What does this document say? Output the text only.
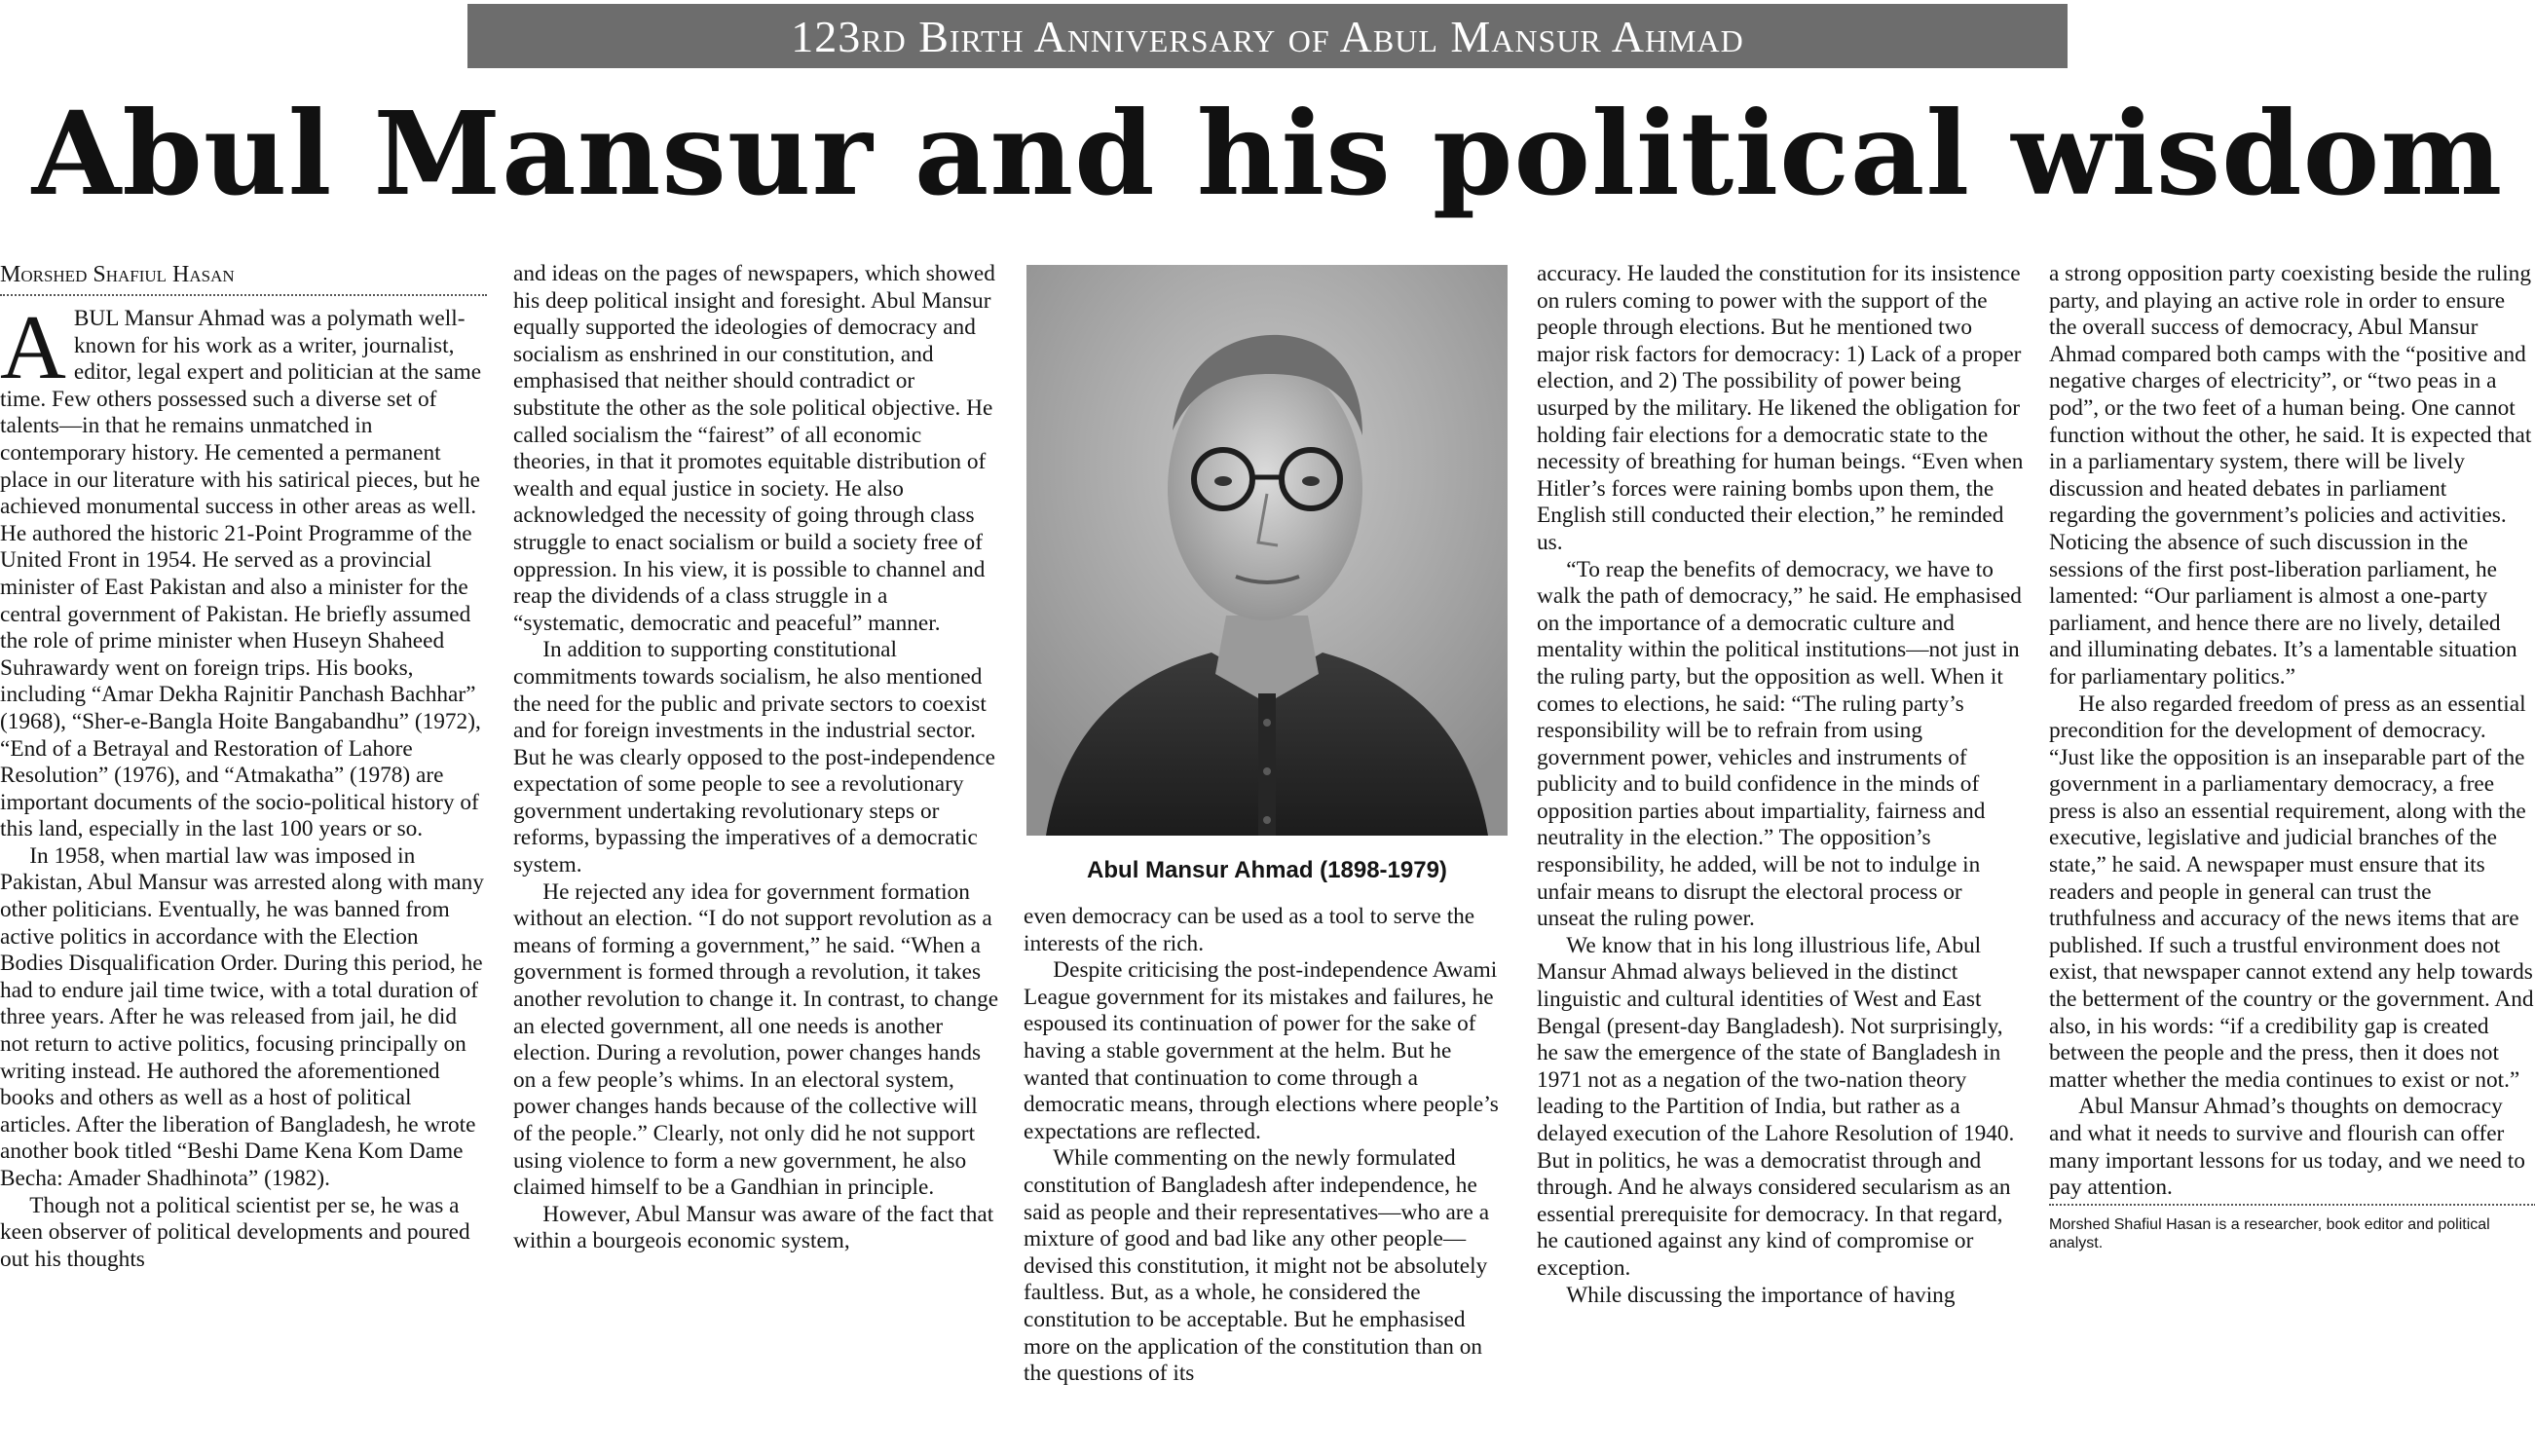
123rd Birth Anniversary of Abul Mansur Ahmad
Abul Mansur and his political wisdom
Morshed Shafiul Hasan

ABUL Mansur Ahmad was a polymath well-known for his work as a writer, journalist, editor, legal expert and politician at the same time. Few others possessed such a diverse set of talents—in that he remains unmatched in contemporary history. He cemented a permanent place in our literature with his satirical pieces, but he achieved monumental success in other areas as well. He authored the historic 21-Point Programme of the United Front in 1954. He served as a provincial minister of East Pakistan and also a minister for the central government of Pakistan. He briefly assumed the role of prime minister when Huseyn Shaheed Suhrawardy went on foreign trips. His books, including “Amar Dekha Rajnitir Panchash Bachhar” (1968), “Sher-e-Bangla Hoite Bangabandhu” (1972), “End of a Betrayal and Restoration of Lahore Resolution” (1976), and “Atmakatha” (1978) are important documents of the socio-political history of this land, especially in the last 100 years or so.

In 1958, when martial law was imposed in Pakistan, Abul Mansur was arrested along with many other politicians. Eventually, he was banned from active politics in accordance with the Election Bodies Disqualification Order. During this period, he had to endure jail time twice, with a total duration of three years. After he was released from jail, he did not return to active politics, focusing principally on writing instead. He authored the aforementioned books and others as well as a host of political articles. After the liberation of Bangladesh, he wrote another book titled “Beshi Dame Kena Kom Dame Becha: Amader Shadhinota” (1982).

Though not a political scientist per se, he was a keen observer of political developments and poured out his thoughts

and ideas on the pages of newspapers, which showed his deep political insight and foresight. Abul Mansur equally supported the ideologies of democracy and socialism as enshrined in our constitution, and emphasised that neither should contradict or substitute the other as the sole political objective. He called socialism the “fairest” of all economic theories, in that it promotes equitable distribution of wealth and equal justice in society. He also acknowledged the necessity of going through class struggle to enact socialism or build a society free of oppression. In his view, it is possible to channel and reap the dividends of a class struggle in a “systematic, democratic and peaceful” manner.

In addition to supporting constitutional commitments towards socialism, he also mentioned the need for the public and private sectors to coexist and for foreign investments in the industrial sector.

But he was clearly opposed to the post-independence expectation of some people to see a revolutionary government undertaking revolutionary steps or reforms, bypassing the imperatives of a democratic system.

He rejected any idea for government formation without an election. “I do not support revolution as a means of forming a government,” he said. “When a government is formed through a revolution, it takes another revolution to change it. In contrast, to change an elected government, all one needs is another election. During a revolution, power changes hands on a few people’s whims. In an electoral system, power changes hands because of the collective will of the people.” Clearly, not only did he not support using violence to form a new government, he also claimed himself to be a Gandhian in principle.

However, Abul Mansur was aware of the fact that within a bourgeois economic system,

Abul Mansur Ahmad (1898-1979)

even democracy can be used as a tool to serve the interests of the rich.

Despite criticising the post-independence Awami League government for its mistakes and failures, he espoused its continuation of power for the sake of having a stable government at the helm. But he wanted that continuation to come through a democratic means, through elections where people’s expectations are reflected.

While commenting on the newly formulated constitution of Bangladesh after independence, he said as people and their representatives—who are a mixture of good and bad like any other people—devised this constitution, it might not be absolutely faultless. But, as a whole, he considered the constitution to be acceptable. But he emphasised more on the application of the constitution than on the questions of its

accuracy. He lauded the constitution for its insistence on rulers coming to power with the support of the people through elections. But he mentioned two major risk factors for democracy: 1) Lack of a proper election, and 2) The possibility of power being usurped by the military. He likened the obligation for holding fair elections for a democratic state to the necessity of breathing for human beings. “Even when Hitler’s forces were raining bombs upon them, the English still conducted their election,” he reminded us.

“To reap the benefits of democracy, we have to walk the path of democracy,” he said. He emphasised on the importance of a democratic culture and mentality within the political institutions—not just in the ruling party, but the opposition as well. When it comes to elections, he said: “The ruling party’s responsibility will be to refrain from using government power, vehicles and instruments of publicity and to build confidence in the minds of opposition parties about impartiality, fairness and neutrality in the election.” The opposition’s responsibility, he added, will be not to indulge in unfair means to disrupt the electoral process or unseat the ruling power.

We know that in his long illustrious life, Abul Mansur Ahmad always believed in the distinct linguistic and cultural identities of West and East Bengal (present-day Bangladesh). Not surprisingly, he saw the emergence of the state of Bangladesh in 1971 not as a negation of the two-nation theory leading to the Partition of India, but rather as a delayed execution of the Lahore Resolution of 1940. But in politics, he was a democratist through and through. And he always considered secularism as an essential prerequisite for democracy. In that regard, he cautioned against any kind of compromise or exception.

While discussing the importance of having

a strong opposition party coexisting beside the ruling party, and playing an active role in order to ensure the overall success of democracy, Abul Mansur Ahmad compared both camps with the “positive and negative charges of electricity”, or “two peas in a pod”, or the two feet of a human being. One cannot function without the other, he said. It is expected that in a parliamentary system, there will be lively discussion and heated debates in parliament regarding the government’s policies and activities. Noticing the absence of such discussion in the sessions of the first post-liberation parliament, he lamented: “Our parliament is almost a one-party parliament, and hence there are no lively, detailed and illuminating debates. It’s a lamentable situation for parliamentary politics.”

He also regarded freedom of press as an essential precondition for the development of democracy. “Just like the opposition is an inseparable part of the government in a parliamentary democracy, a free press is also an essential requirement, along with the executive, legislative and judicial branches of the state,” he said. A newspaper must ensure that its readers and people in general can trust the truthfulness and accuracy of the news items that are published. If such a trustful environment does not exist, that newspaper cannot extend any help towards the betterment of the country or the government. And also, in his words: “if a credibility gap is created between the people and the press, then it does not matter whether the media continues to exist or not.”

Abul Mansur Ahmad’s thoughts on democracy and what it needs to survive and flourish can offer many important lessons for us today, and we need to pay attention.

Morshed Shafiul Hasan is a researcher, book editor and political analyst.
